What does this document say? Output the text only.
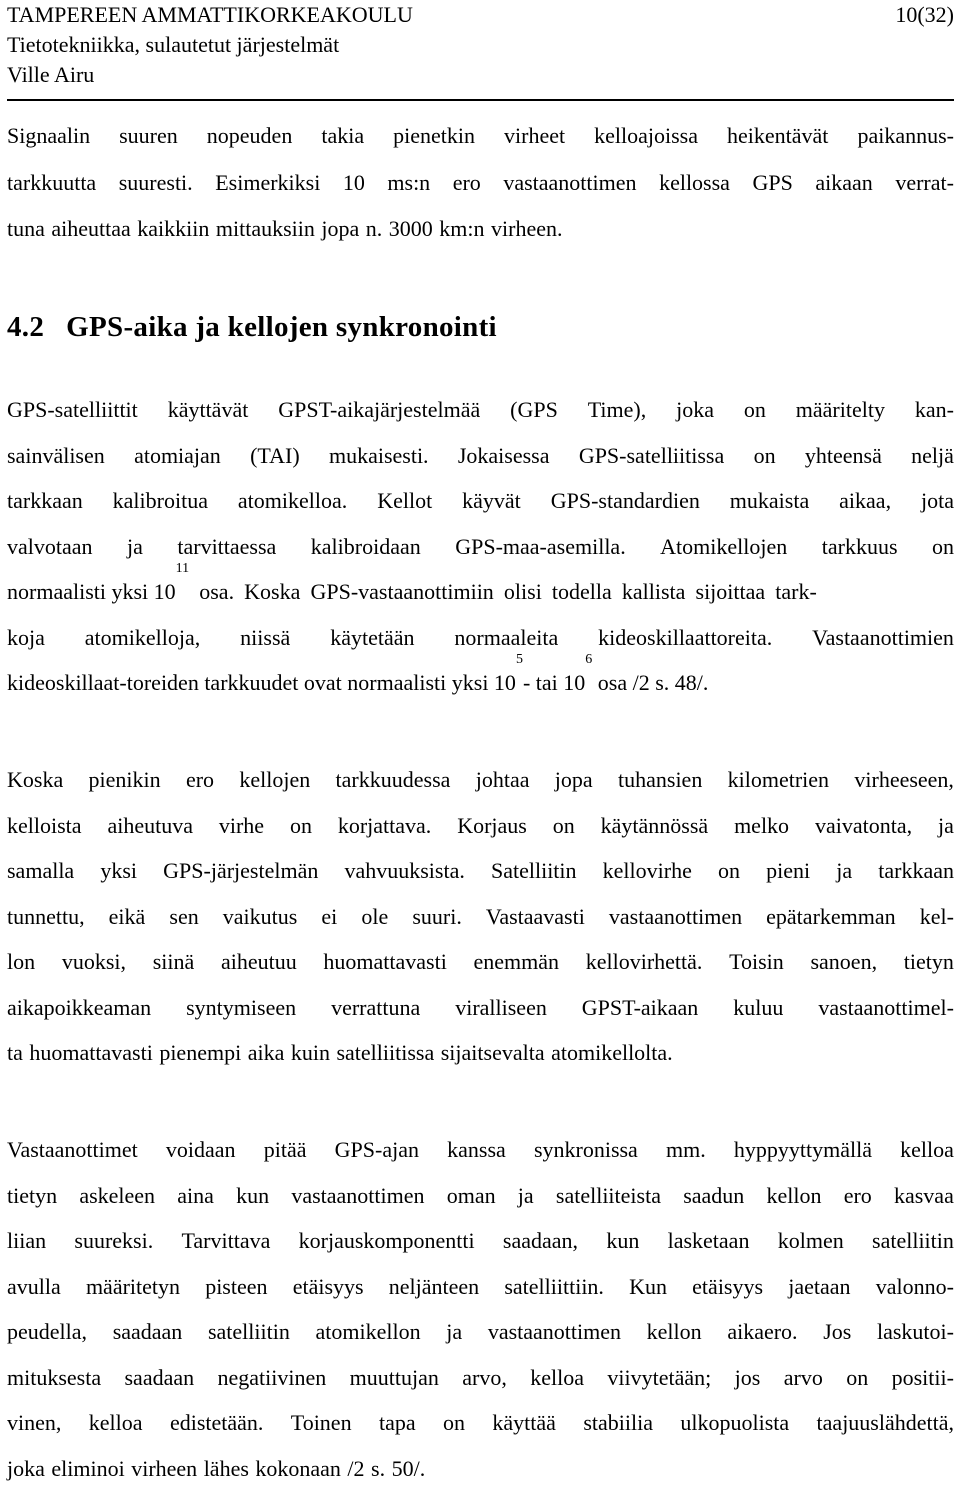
TAMPEREEN AMMATTIKORKEAKOULU	10(32)
Tietotekniikka, sulautetut järjestelmät
Ville Airu
Signaalin suuren nopeuden takia pienetkin virheet kelloajoissa heikentävät paikannus-
tarkkuutta suuresti. Esimerkiksi 10 ms:n ero vastaanottimen kellossa GPS aikaan verrat-
tuna aiheuttaa kaikkiin mittauksiin jopa n. 3000 km:n virheen.
4.2 GPS-aika ja kellojen synkronointi
GPS-satelliittit käyttävät GPST-aikajärjestelmää (GPS Time), joka on määritelty kan-
sainvälisen atomiajan (TAI) mukaisesti. Jokaisessa GPS-satelliitissa on yhteensä neljä
tarkkaan kalibroitua atomikelloa. Kellot käyvät GPS-standardien mukaista aikaa, jota
valvotaan ja tarvittaessa kalibroidaan GPS-maa-asemilla. Atomikellojen tarkkuus on
normaalisti yksi 10
11
osa. Koska GPS-vastaanottimiin olisi todella kallista sijoittaa tark-
koja atomikelloja, niissä käytetään normaaleita kideoskillaattoreita. Vastaanottimien
kideoskillaat-toreiden tarkkuudet ovat normaalisti yksi 10
5
- tai 10
6
osa /2 s. 48/.
Koska pienikin ero kellojen tarkkuudessa johtaa jopa tuhansien kilometrien virheeseen,
kelloista aiheutuva virhe on korjattava. Korjaus on käytännössä melko vaivatonta, ja
samalla yksi GPS-järjestelmän vahvuuksista. Satelliitin kellovirhe on pieni ja tarkkaan
tunnettu, eikä sen vaikutus ei ole suuri. Vastaavasti vastaanottimen epätarkemman kel-
lon vuoksi, siinä aiheutuu huomattavasti enemmän kellovirhettä. Toisin sanoen, tietyn
aikapoikkeaman syntymiseen verrattuna viralliseen GPST-aikaan kuluu vastaanottimel-
ta huomattavasti pienempi aika kuin satelliitissa sijaitsevalta atomikellolta.
Vastaanottimet voidaan pitää GPS-ajan kanssa synkronissa mm. hyppyyttymällä kelloa
tietyn askeleen aina kun vastaanottimen oman ja satelliiteista saadun kellon ero kasvaa
liian suureksi. Tarvittava korjauskomponentti saadaan, kun lasketaan kolmen satelliitin
avulla määritetyn pisteen etäisyys neljänteen satelliittiin. Kun etäisyys jaetaan valonno-
peudella, saadaan satelliitin atomikellon ja vastaanottimen kellon aikaero. Jos laskutoi-
mituksesta saadaan negatiivinen muuttujan arvo, kelloa viivytetään; jos arvo on positii-
vinen, kelloa edistetään. Toinen tapa on käyttää stabiilia ulkopuolista taajuuslähdettä,
joka eliminoi virheen lähes kokonaan /2 s. 50/.
